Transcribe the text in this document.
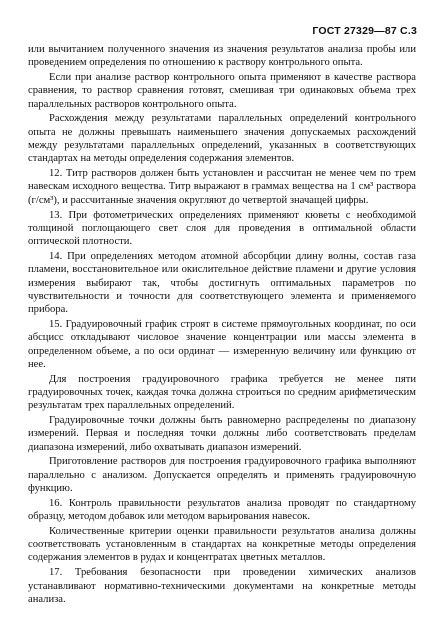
ГОСТ 27329—87 С.3

или вычитанием полученного значения из значения результатов анализа пробы или проведением определения по отношению к раствору контрольного опыта.

Если при анализе раствор контрольного опыта применяют в качестве раствора сравнения, то раствор сравнения готовят, смешивая три одинаковых объема трех параллельных растворов контрольного опыта.

Расхождения между результатами параллельных определений контрольного опыта не должны превышать наименьшего значения допускаемых расхождений между результатами параллельных определений, указанных в соответствующих стандартах на методы определения содержания элементов.

12. Титр растворов должен быть установлен и рассчитан не менее чем по трем навескам исходного вещества. Титр выражают в граммах вещества на 1 см³ раствора (г/см³), и рассчитанные значения округляют до четвертой значащей цифры.

13. При фотометрических определениях применяют кюветы с необходимой толщиной поглощающего свет слоя для проведения в оптимальной области оптической плотности.

14. При определениях методом атомной абсорбции длину волны, состав газа пламени, восстановительное или окислительное действие пламени и другие условия измерения выбирают так, чтобы достигнуть оптимальных параметров по чувствительности и точности для соответствующего элемента и применяемого прибора.

15. Градуировочный график строят в системе прямоугольных координат, по оси абсцисс откладывают числовое значение концентрации или массы элемента в определенном объеме, а по оси ординат — измеренную величину или функцию от нее.

Для построения градуировочного графика требуется не менее пяти градуировочных точек, каждая точка должна строиться по средним арифметическим результатам трех параллельных определений.

Градуировочные точки должны быть равномерно распределены по диапазону измерений. Первая и последняя точки должны либо соответствовать пределам диапазона измерений, либо охватывать диапазон измерений.

Приготовление растворов для построения градуировочного графика выполняют параллельно с анализом. Допускается определять и применять градуировочную функцию.

16. Контроль правильности результатов анализа проводят по стандартному образцу, методом добавок или методом варьирования навесок.

Количественные критерии оценки правильности результатов анализа должны соответствовать установленным в стандартах на конкретные методы определения содержания элементов в рудах и концентратах цветных металлов.

17. Требования безопасности при проведении химических анализов устанавливают нормативно-техническими документами на конкретные методы анализа.
